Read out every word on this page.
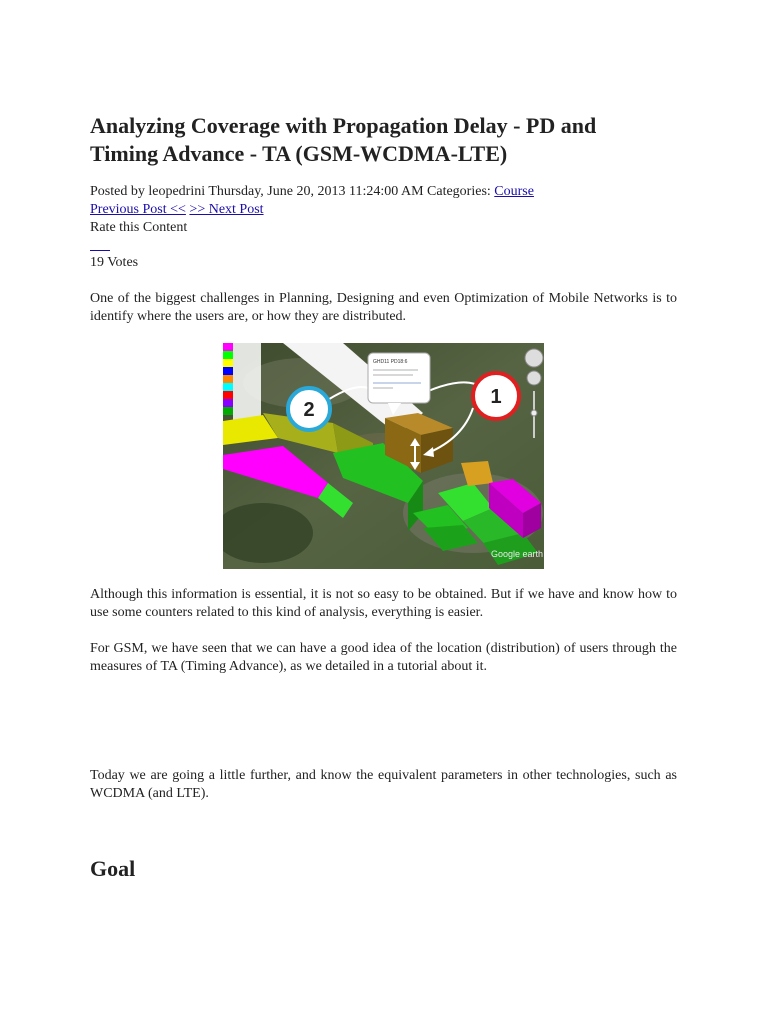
Analyzing Coverage with Propagation Delay - PD and Timing Advance - TA (GSM-WCDMA-LTE)
Posted by leopedrini Thursday, June 20, 2013 11:24:00 AM Categories: Course
Previous Post << >> Next Post
Rate this Content
19 Votes

One of the biggest challenges in Planning, Designing and even Optimization of Mobile Networks is to identify where the users are, or how they are distributed.

GHD11 PD18:6
2
1
Google earth

Although this information is essential, it is not so easy to be obtained. But if we have and know how to use some counters related to this kind of analysis, everything is easier.

For GSM, we have seen that we can have a good idea of the location (distribution) of users through the measures of TA (Timing Advance), as we detailed in a tutorial about it.

Today we are going a little further, and know the equivalent parameters in other technologies, such as WCDMA (and LTE).

Goal
